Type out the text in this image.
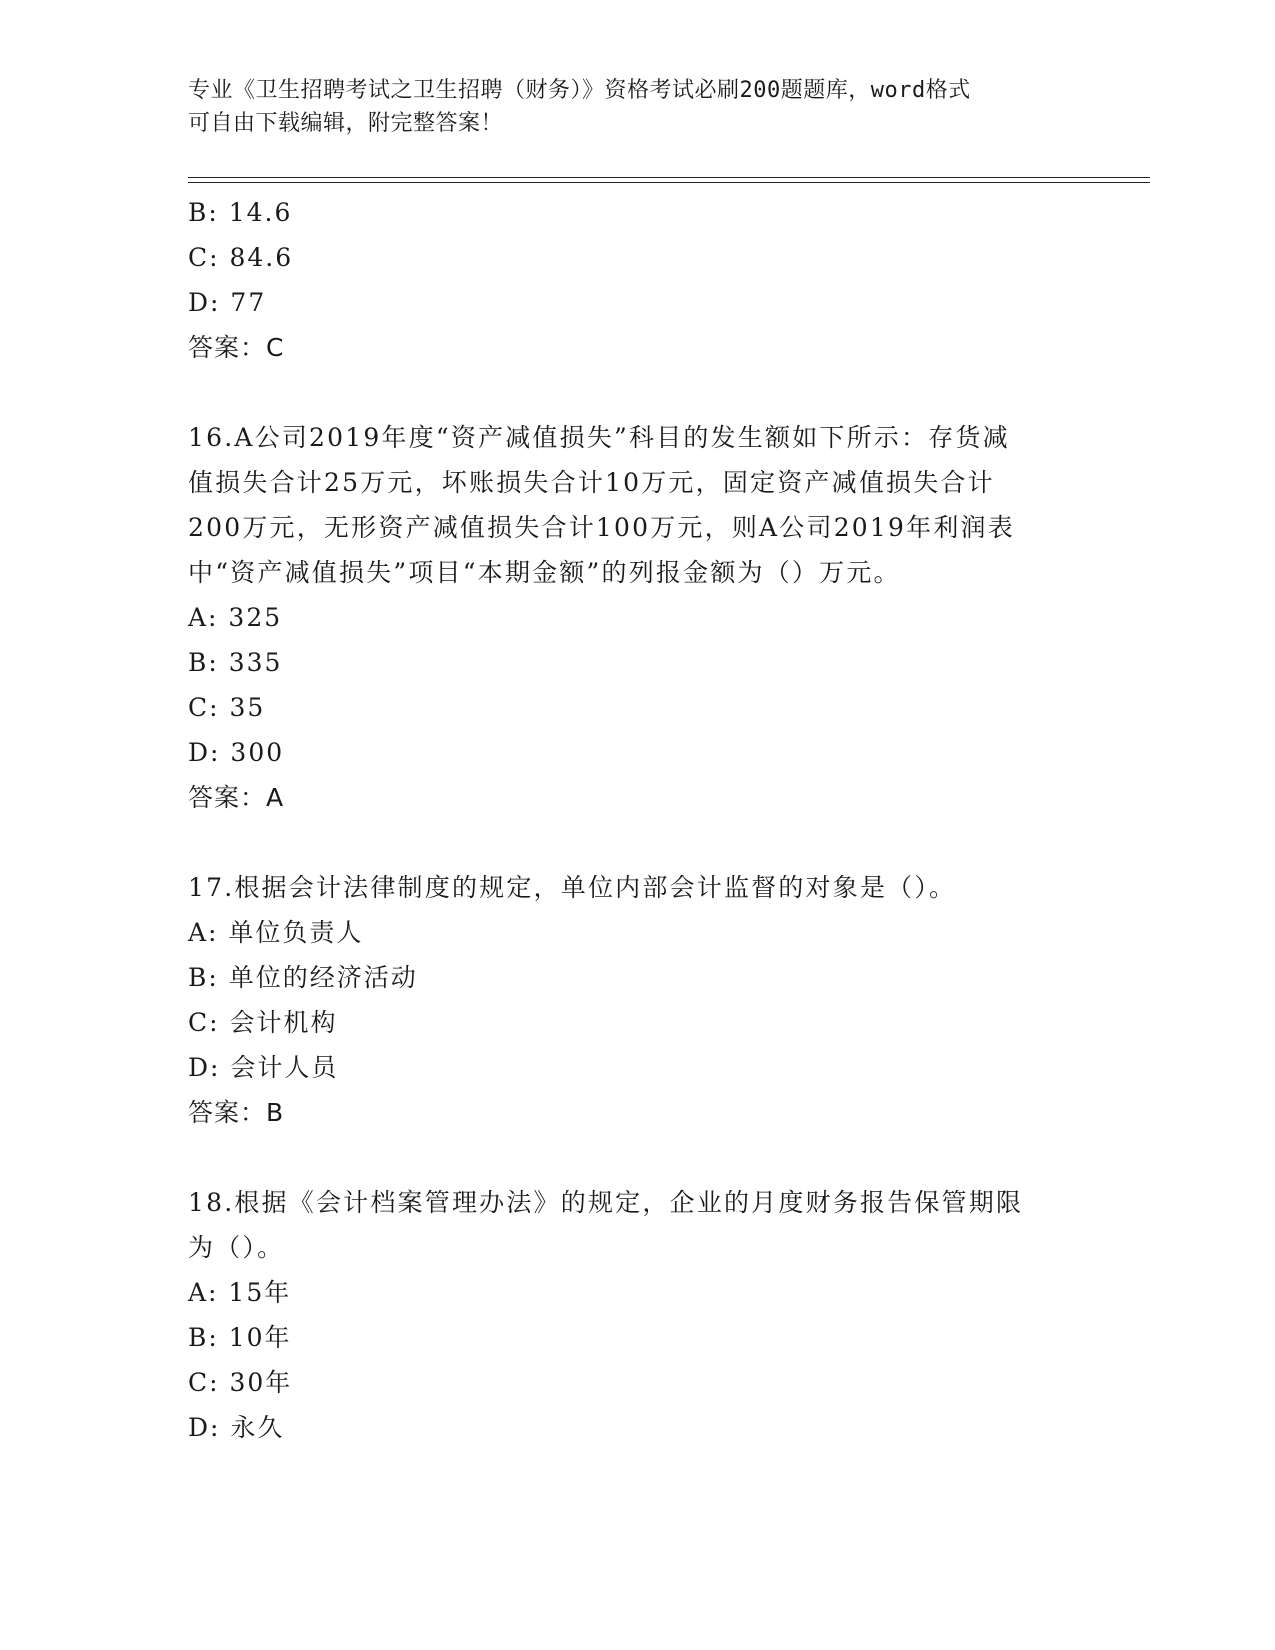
专业《卫生招聘考试之卫生招聘（财务）》资格考试必刷200题题库，word格式
可自由下载编辑，附完整答案！
B: 14.6
C: 84.6
D: 77
答案：C
16.A公司2019年度“资产减值损失”科目的发生额如下所示：存货减
值损失合计25万元，坏账损失合计10万元，固定资产减值损失合计
200万元，无形资产减值损失合计100万元，则A公司2019年利润表
中“资产减值损失”项目“本期金额”的列报金额为（）万元。
A: 325
B: 335
C: 35
D: 300
答案：A
17.根据会计法律制度的规定，单位内部会计监督的对象是（）。
A: 单位负责人
B: 单位的经济活动
C: 会计机构
D: 会计人员
答案：B
18.根据《会计档案管理办法》的规定，企业的月度财务报告保管期限
为（）。
A: 15年
B: 10年
C: 30年
D: 永久
